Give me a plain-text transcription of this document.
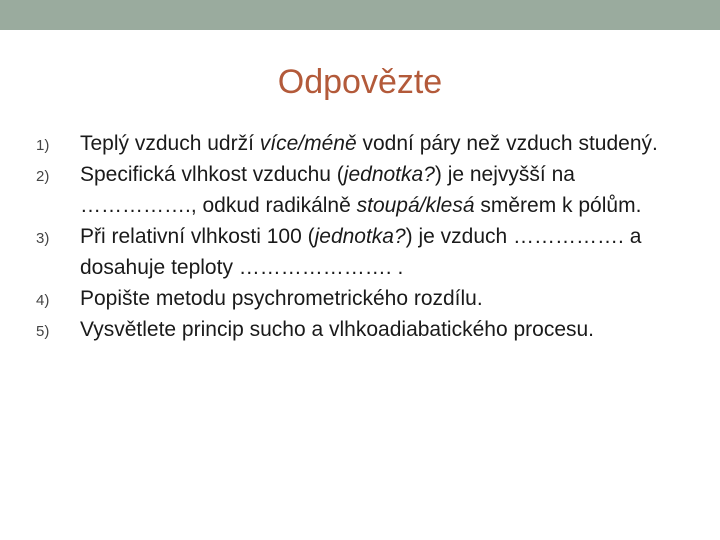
Odpovězte
1)	Teplý vzduch udrží více/méně vodní páry než vzduch studený.
2)	Specifická vlhkost vzduchu (jednotka?) je nejvyšší na ……………., odkud radikálně stoupá/klesá směrem k pólům.
3)	Při relativní vlhkosti 100 (jednotka?) je vzduch ……………. a dosahuje teploty …………………. .
4)	Popište metodu psychrometrického rozdílu.
5)	Vysvětlete princip sucho a vlhkoadiabatického procesu.
